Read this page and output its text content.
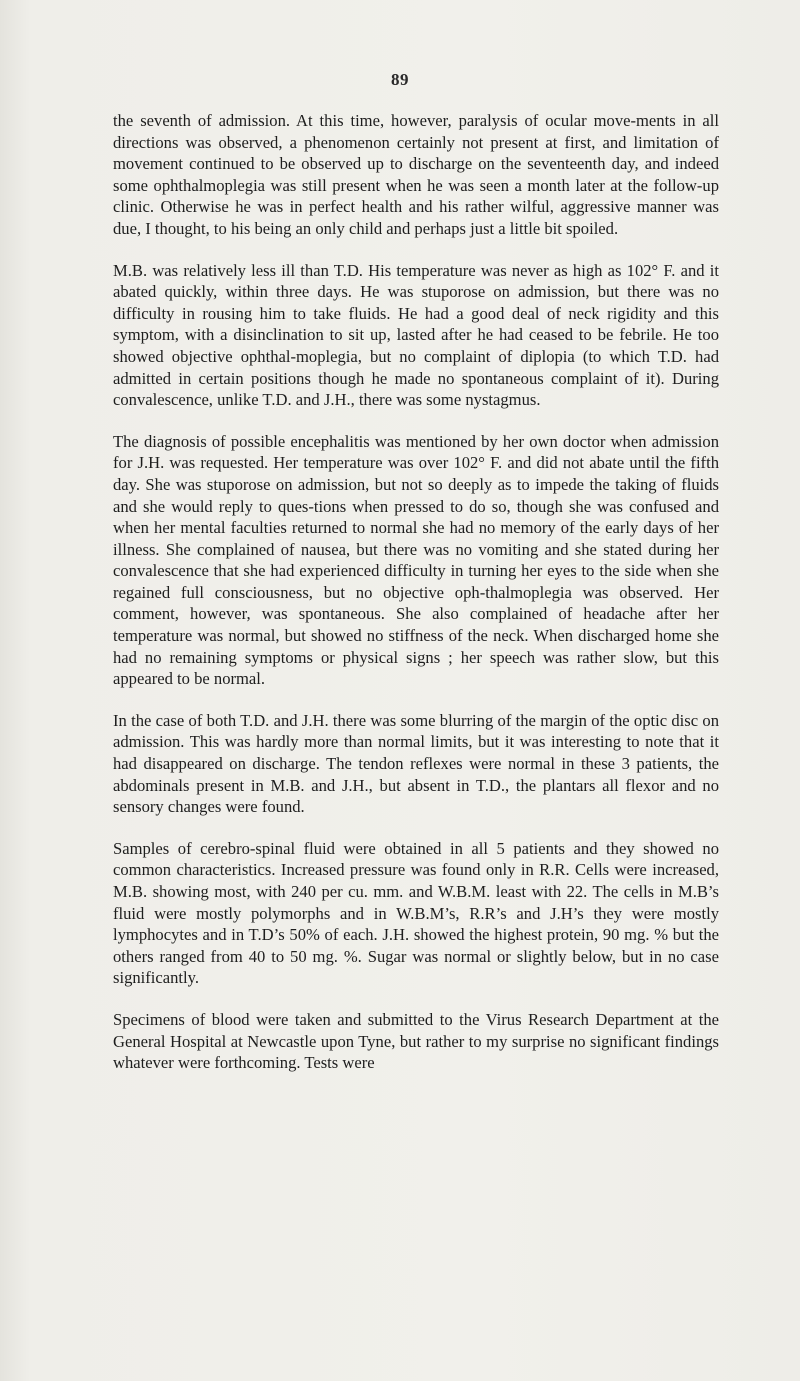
89

the seventh of admission. At this time, however, paralysis of ocular move-ments in all directions was observed, a phenomenon certainly not present at first, and limitation of movement continued to be observed up to discharge on the seventeenth day, and indeed some ophthalmoplegia was still present when he was seen a month later at the follow-up clinic. Otherwise he was in perfect health and his rather wilful, aggressive manner was due, I thought, to his being an only child and perhaps just a little bit spoiled.

M.B. was relatively less ill than T.D. His temperature was never as high as 102° F. and it abated quickly, within three days. He was stuporose on admission, but there was no difficulty in rousing him to take fluids. He had a good deal of neck rigidity and this symptom, with a disinclination to sit up, lasted after he had ceased to be febrile. He too showed objective ophthal-moplegia, but no complaint of diplopia (to which T.D. had admitted in certain positions though he made no spontaneous complaint of it). During convalescence, unlike T.D. and J.H., there was some nystagmus.

The diagnosis of possible encephalitis was mentioned by her own doctor when admission for J.H. was requested. Her temperature was over 102° F. and did not abate until the fifth day. She was stuporose on admission, but not so deeply as to impede the taking of fluids and she would reply to ques-tions when pressed to do so, though she was confused and when her mental faculties returned to normal she had no memory of the early days of her illness. She complained of nausea, but there was no vomiting and she stated during her convalescence that she had experienced difficulty in turning her eyes to the side when she regained full consciousness, but no objective oph-thalmoplegia was observed. Her comment, however, was spontaneous. She also complained of headache after her temperature was normal, but showed no stiffness of the neck. When discharged home she had no remaining symptoms or physical signs ; her speech was rather slow, but this appeared to be normal.

In the case of both T.D. and J.H. there was some blurring of the margin of the optic disc on admission. This was hardly more than normal limits, but it was interesting to note that it had disappeared on discharge. The tendon reflexes were normal in these 3 patients, the abdominals present in M.B. and J.H., but absent in T.D., the plantars all flexor and no sensory changes were found.

Samples of cerebro-spinal fluid were obtained in all 5 patients and they showed no common characteristics. Increased pressure was found only in R.R. Cells were increased, M.B. showing most, with 240 per cu. mm. and W.B.M. least with 22. The cells in M.B’s fluid were mostly polymorphs and in W.B.M’s, R.R’s and J.H’s they were mostly lymphocytes and in T.D’s 50% of each. J.H. showed the highest protein, 90 mg. % but the others ranged from 40 to 50 mg. %. Sugar was normal or slightly below, but in no case significantly.

Specimens of blood were taken and submitted to the Virus Research Department at the General Hospital at Newcastle upon Tyne, but rather to my surprise no significant findings whatever were forthcoming. Tests were
